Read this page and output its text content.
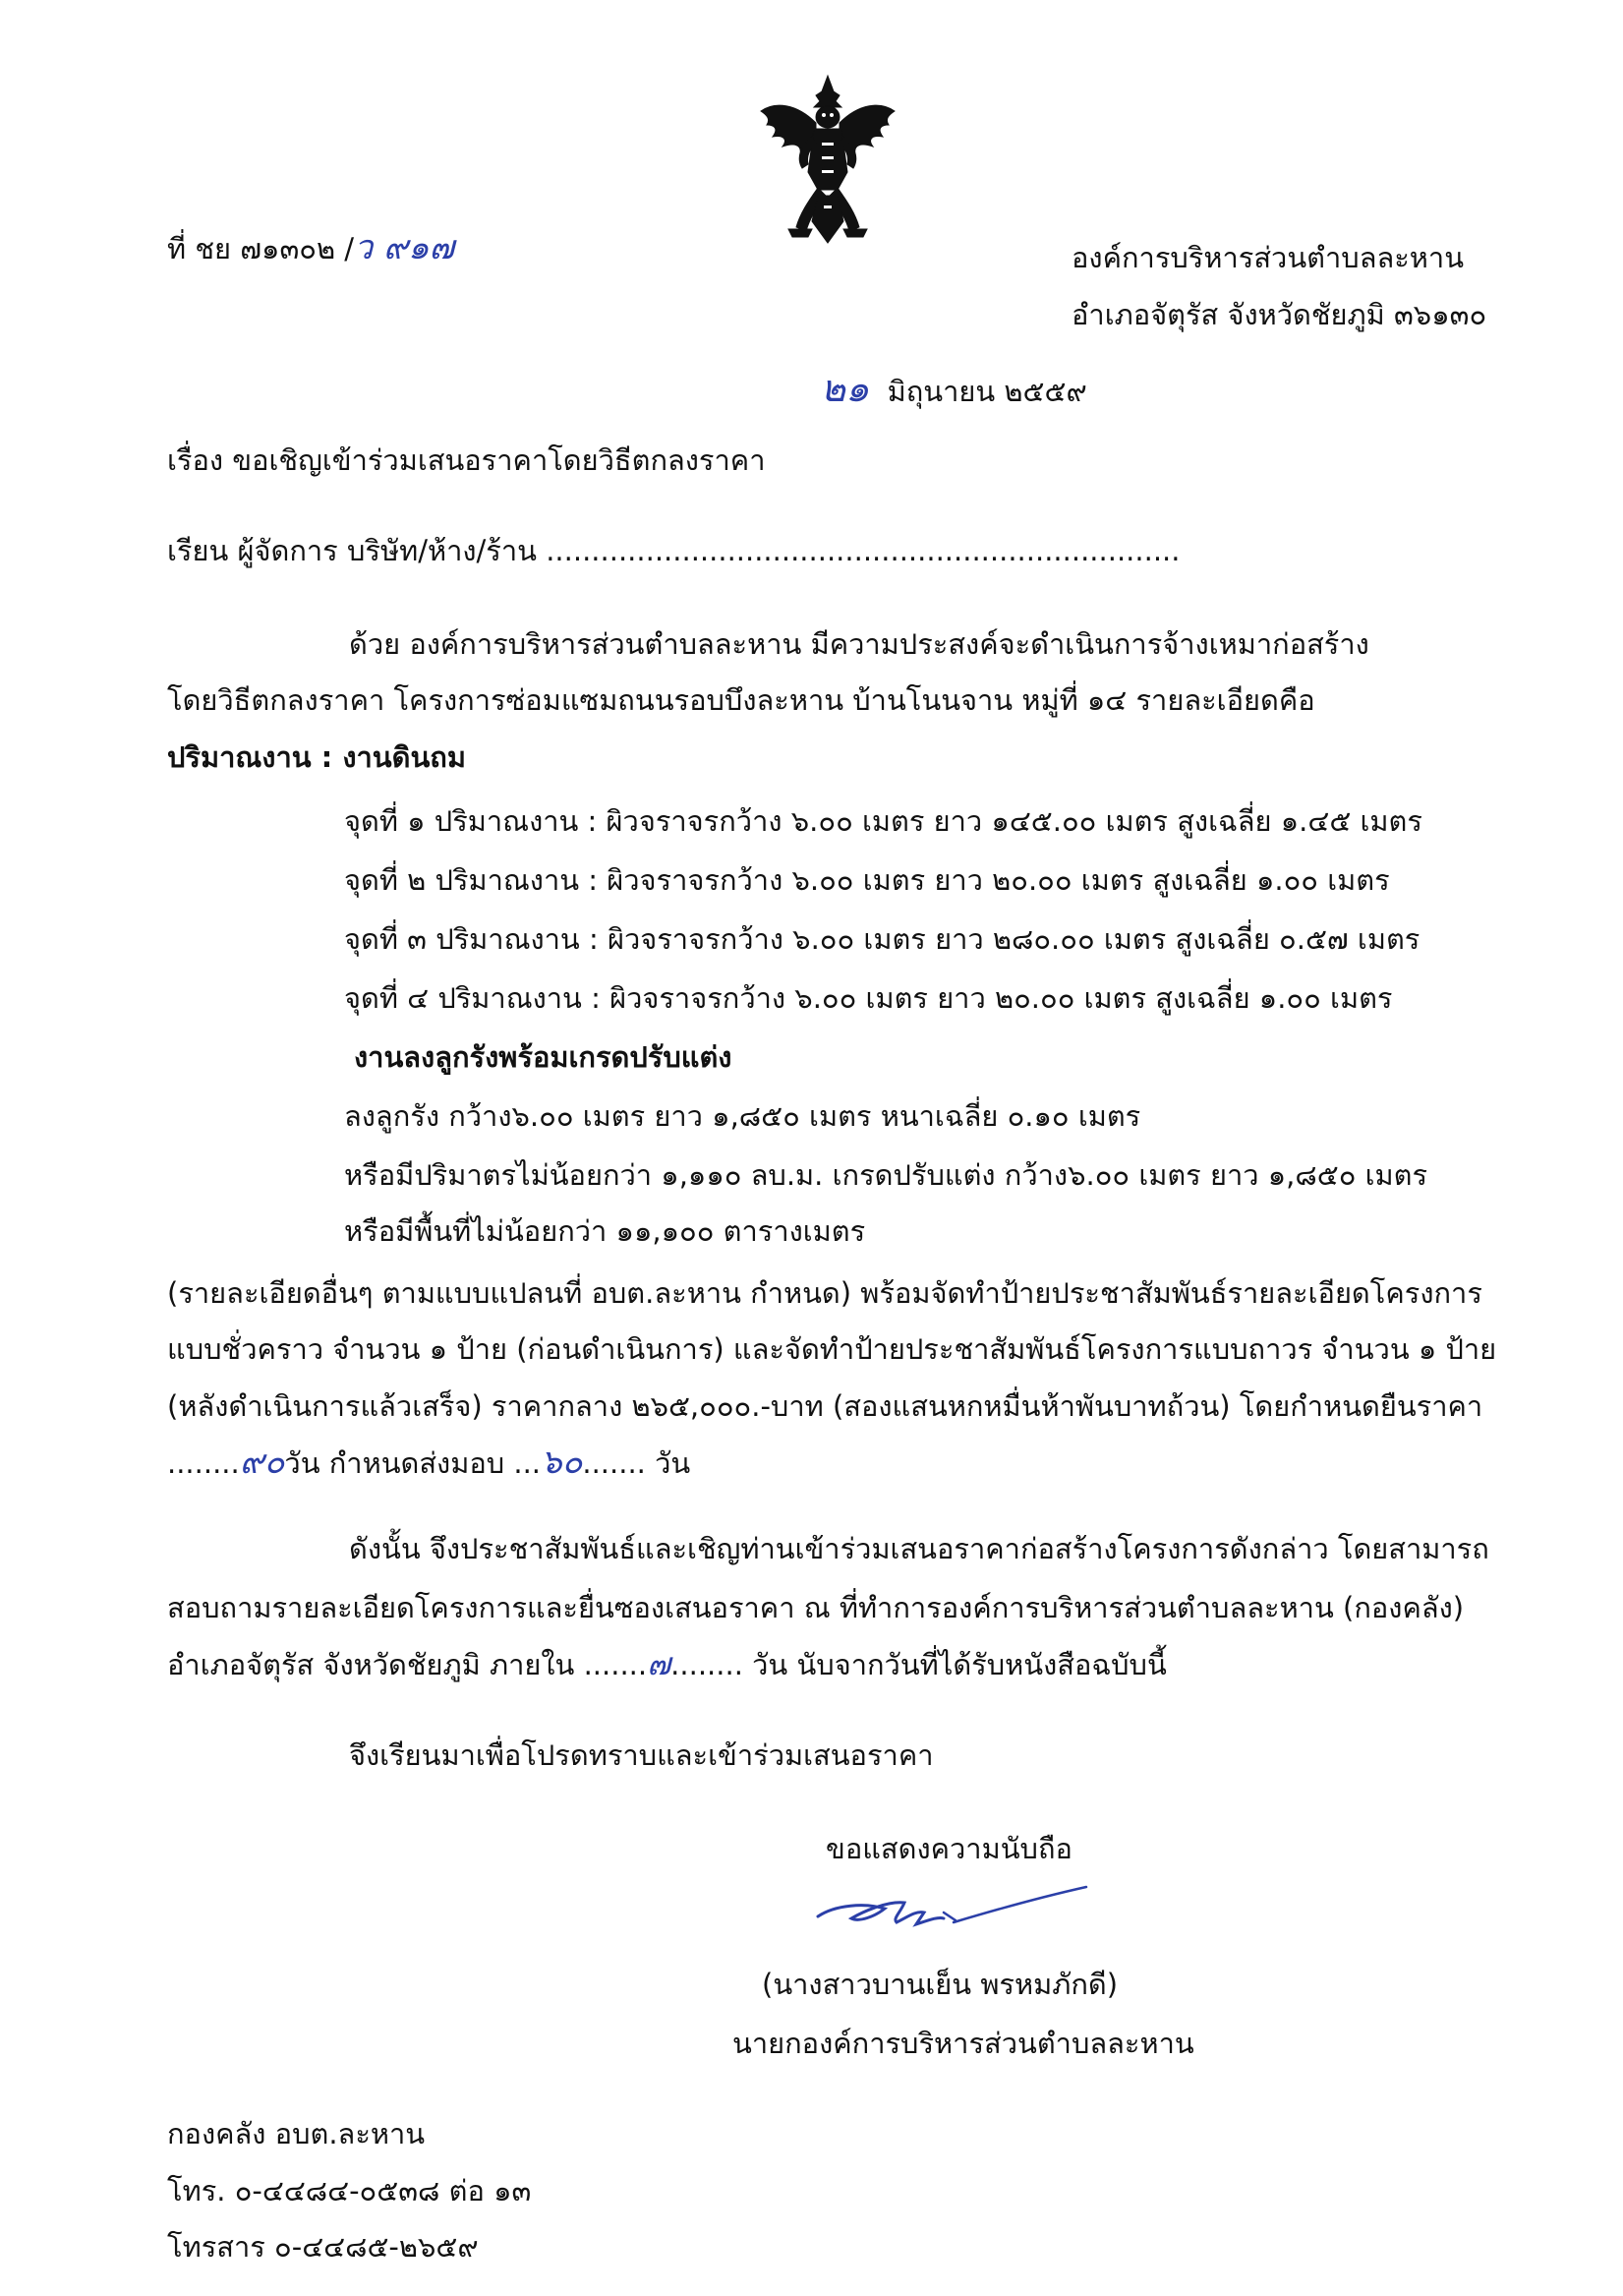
ที่ ชย ๗๑๓๐๒ /ว ๙๑๗	องค์การบริหารส่วนตำบลละหาน
อำเภอจัตุรัส จังหวัดชัยภูมิ ๓๖๑๓๐
๒๑ มิถุนายน ๒๕๕๙
เรื่อง ขอเชิญเข้าร่วมเสนอราคาโดยวิธีตกลงราคา
เรียน ผู้จัดการ บริษัท/ห้าง/ร้าน ......................................................................
ด้วย องค์การบริหารส่วนตำบลละหาน มีความประสงค์จะดำเนินการจ้างเหมาก่อสร้าง
โดยวิธีตกลงราคา โครงการซ่อมแซมถนนรอบบึงละหาน บ้านโนนจาน หมู่ที่ ๑๔ รายละเอียดคือ
ปริมาณงาน : งานดินถม
จุดที่ ๑ ปริมาณงาน : ผิวจราจรกว้าง ๖.๐๐ เมตร ยาว ๑๔๕.๐๐ เมตร สูงเฉลี่ย ๑.๔๕ เมตร
จุดที่ ๒ ปริมาณงาน : ผิวจราจรกว้าง ๖.๐๐ เมตร ยาว ๒๐.๐๐ เมตร สูงเฉลี่ย ๑.๐๐ เมตร
จุดที่ ๓ ปริมาณงาน : ผิวจราจรกว้าง ๖.๐๐ เมตร ยาว ๒๘๐.๐๐ เมตร สูงเฉลี่ย ๐.๕๗ เมตร
จุดที่ ๔ ปริมาณงาน : ผิวจราจรกว้าง ๖.๐๐ เมตร ยาว ๒๐.๐๐ เมตร สูงเฉลี่ย ๑.๐๐ เมตร
งานลงลูกรังพร้อมเกรดปรับแต่ง
ลงลูกรัง กว้าง๖.๐๐ เมตร ยาว ๑,๘๕๐ เมตร หนาเฉลี่ย ๐.๑๐ เมตร
หรือมีปริมาตรไม่น้อยกว่า ๑,๑๑๐ ลบ.ม. เกรดปรับแต่ง กว้าง๖.๐๐ เมตร ยาว ๑,๘๕๐ เมตร
หรือมีพื้นที่ไม่น้อยกว่า ๑๑,๑๐๐ ตารางเมตร
(รายละเอียดอื่นๆ ตามแบบแปลนที่ อบต.ละหาน กำหนด) พร้อมจัดทำป้ายประชาสัมพันธ์รายละเอียดโครงการ
แบบชั่วคราว จำนวน ๑ ป้าย (ก่อนดำเนินการ) และจัดทำป้ายประชาสัมพันธ์โครงการแบบถาวร จำนวน ๑ ป้าย
(หลังดำเนินการแล้วเสร็จ) ราคากลาง ๒๖๕,๐๐๐.-บาท (สองแสนหกหมื่นห้าพันบาทถ้วน) โดยกำหนดยืนราคา
........๙๐วัน กำหนดส่งมอบ ...๖๐....... วัน
ดังนั้น จึงประชาสัมพันธ์และเชิญท่านเข้าร่วมเสนอราคาก่อสร้างโครงการดังกล่าว โดยสามารถ
สอบถามรายละเอียดโครงการและยื่นซองเสนอราคา ณ ที่ทำการองค์การบริหารส่วนตำบลละหาน (กองคลัง)
อำเภอจัตุรัส จังหวัดชัยภูมิ ภายใน .......๗........ วัน นับจากวันที่ได้รับหนังสือฉบับนี้
จึงเรียนมาเพื่อโปรดทราบและเข้าร่วมเสนอราคา
ขอแสดงความนับถือ
(นางสาวบานเย็น พรหมภักดี)
นายกองค์การบริหารส่วนตำบลละหาน
กองคลัง อบต.ละหาน
โทร. ๐-๔๔๘๔-๐๕๓๘ ต่อ ๑๓
โทรสาร ๐-๔๔๘๕-๒๖๕๙
